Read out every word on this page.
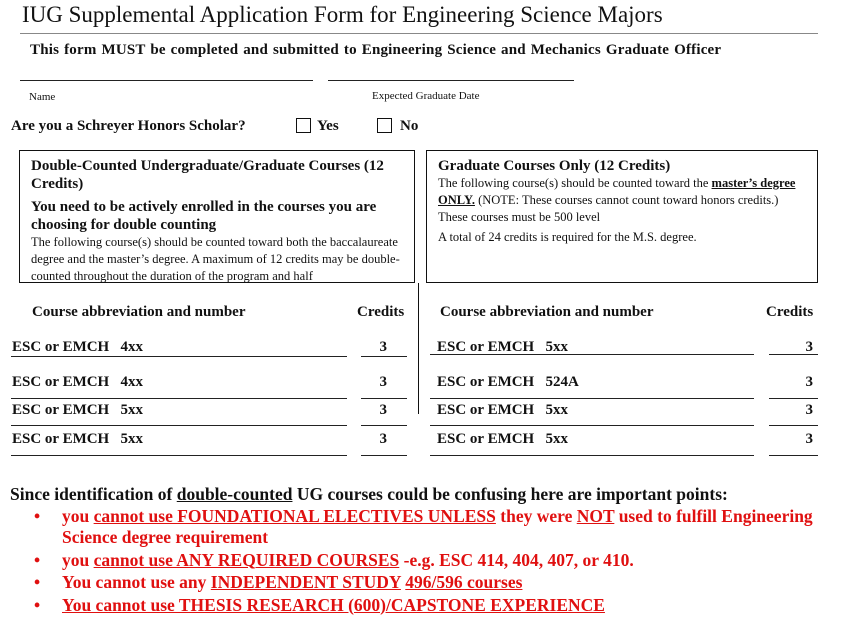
IUG Supplemental Application Form for Engineering Science Majors
This form MUST be completed and submitted to Engineering Science and Mechanics Graduate Officer
Name	Expected Graduate Date
Are you a Schreyer Honors Scholar?	Yes	No
Double-Counted Undergraduate/Graduate Courses (12 Credits)
You need to be actively enrolled in the courses you are choosing for double counting
The following course(s) should be counted toward both the baccalaureate degree and the master’s degree. A maximum of 12 credits may be double-counted throughout the duration of the program and half
Graduate Courses Only (12 Credits)
The following course(s) should be counted toward the master’s degree ONLY. (NOTE: These courses cannot count toward honors credits.) These courses must be 500 level
A total of 24 credits is required for the M.S. degree.
Course abbreviation and number	Credits Course abbreviation and number	Credits
ESC or EMCH 4xx	3
ESC or EMCH 4xx	3
ESC or EMCH 5xx	3
ESC or EMCH 5xx	3
ESC or EMCH 5xx	3
ESC or EMCH 524A	3
ESC or EMCH 5xx	3
ESC or EMCH 5xx	3
Since identification of double-counted UG courses could be confusing here are important points:
• you cannot use FOUNDATIONAL ELECTIVES UNLESS they were NOT used to fulfill Engineering Science degree requirement
• you cannot use ANY REQUIRED COURSES -e.g. ESC 414, 404, 407, or 410.
• You cannot use any INDEPENDENT STUDY 496/596 courses
• You cannot use THESIS RESEARCH (600)/CAPSTONE EXPERIENCE
